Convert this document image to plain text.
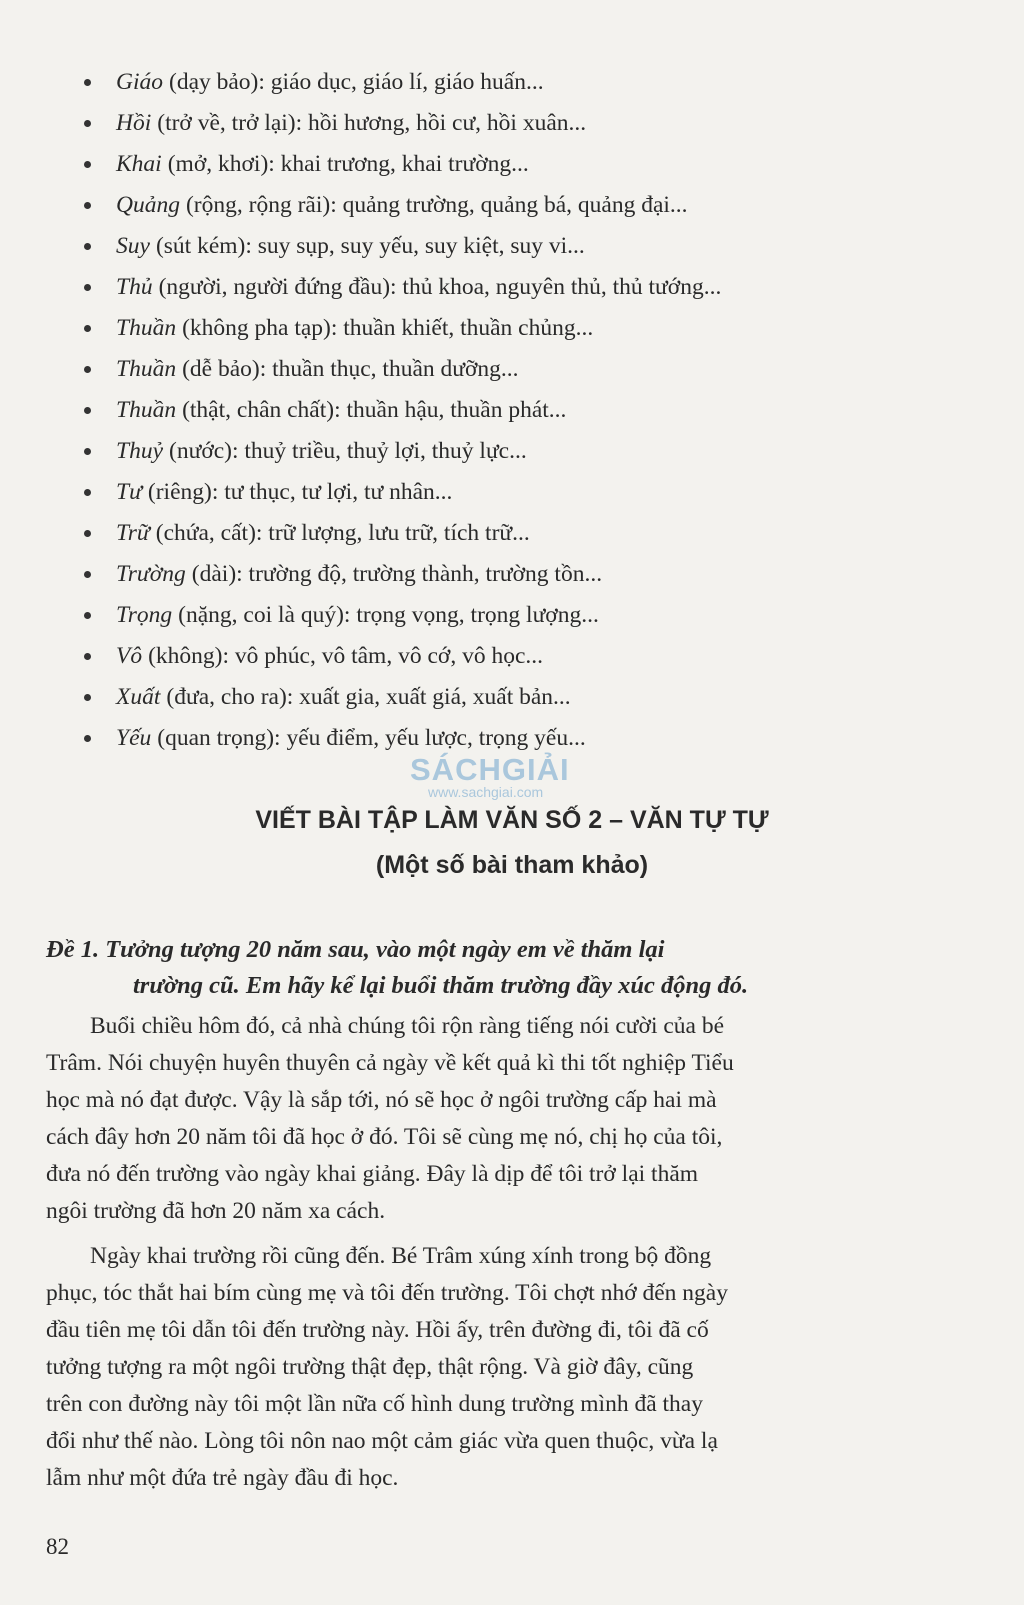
Giáo (dạy bảo): giáo dục, giáo lí, giáo huấn...
Hồi (trở về, trở lại): hồi hương, hồi cư, hồi xuân...
Khai (mở, khơi): khai trương, khai trường...
Quảng (rộng, rộng rãi): quảng trường, quảng bá, quảng đại...
Suy (sút kém): suy sụp, suy yếu, suy kiệt, suy vi...
Thủ (người, người đứng đầu): thủ khoa, nguyên thủ, thủ tướng...
Thuần (không pha tạp): thuần khiết, thuần chủng...
Thuần (dễ bảo): thuần thục, thuần dưỡng...
Thuần (thật, chân chất): thuần hậu, thuần phát...
Thuỷ (nước): thuỷ triều, thuỷ lợi, thuỷ lực...
Tư (riêng): tư thục, tư lợi, tư nhân...
Trữ (chứa, cất): trữ lượng, lưu trữ, tích trữ...
Trường (dài): trường độ, trường thành, trường tồn...
Trọng (nặng, coi là quý): trọng vọng, trọng lượng...
Vô (không): vô phúc, vô tâm, vô cớ, vô học...
Xuất (đưa, cho ra): xuất gia, xuất giá, xuất bản...
Yếu (quan trọng): yếu điểm, yếu lược, trọng yếu...
SÁCHGIẢI
www.sachgiai.com
VIẾT BÀI TẬP LÀM VĂN SỐ 2 – VĂN TỰ TỰ
(Một số bài tham khảo)
Đề 1. Tưởng tượng 20 năm sau, vào một ngày em về thăm lại
trường cũ. Em hãy kể lại buổi thăm trường đầy xúc động đó.
Buổi chiều hôm đó, cả nhà chúng tôi rộn ràng tiếng nói cười của bé
Trâm. Nói chuyện huyên thuyên cả ngày về kết quả kì thi tốt nghiệp Tiểu
học mà nó đạt được. Vậy là sắp tới, nó sẽ học ở ngôi trường cấp hai mà
cách đây hơn 20 năm tôi đã học ở đó. Tôi sẽ cùng mẹ nó, chị họ của tôi,
đưa nó đến trường vào ngày khai giảng. Đây là dịp để tôi trở lại thăm
ngôi trường đã hơn 20 năm xa cách.
Ngày khai trường rồi cũng đến. Bé Trâm xúng xính trong bộ đồng
phục, tóc thắt hai bím cùng mẹ và tôi đến trường. Tôi chợt nhớ đến ngày
đầu tiên mẹ tôi dẫn tôi đến trường này. Hồi ấy, trên đường đi, tôi đã cố
tưởng tượng ra một ngôi trường thật đẹp, thật rộng. Và giờ đây, cũng
trên con đường này tôi một lần nữa cố hình dung trường mình đã thay
đổi như thế nào. Lòng tôi nôn nao một cảm giác vừa quen thuộc, vừa lạ
lẫm như một đứa trẻ ngày đầu đi học.
82
